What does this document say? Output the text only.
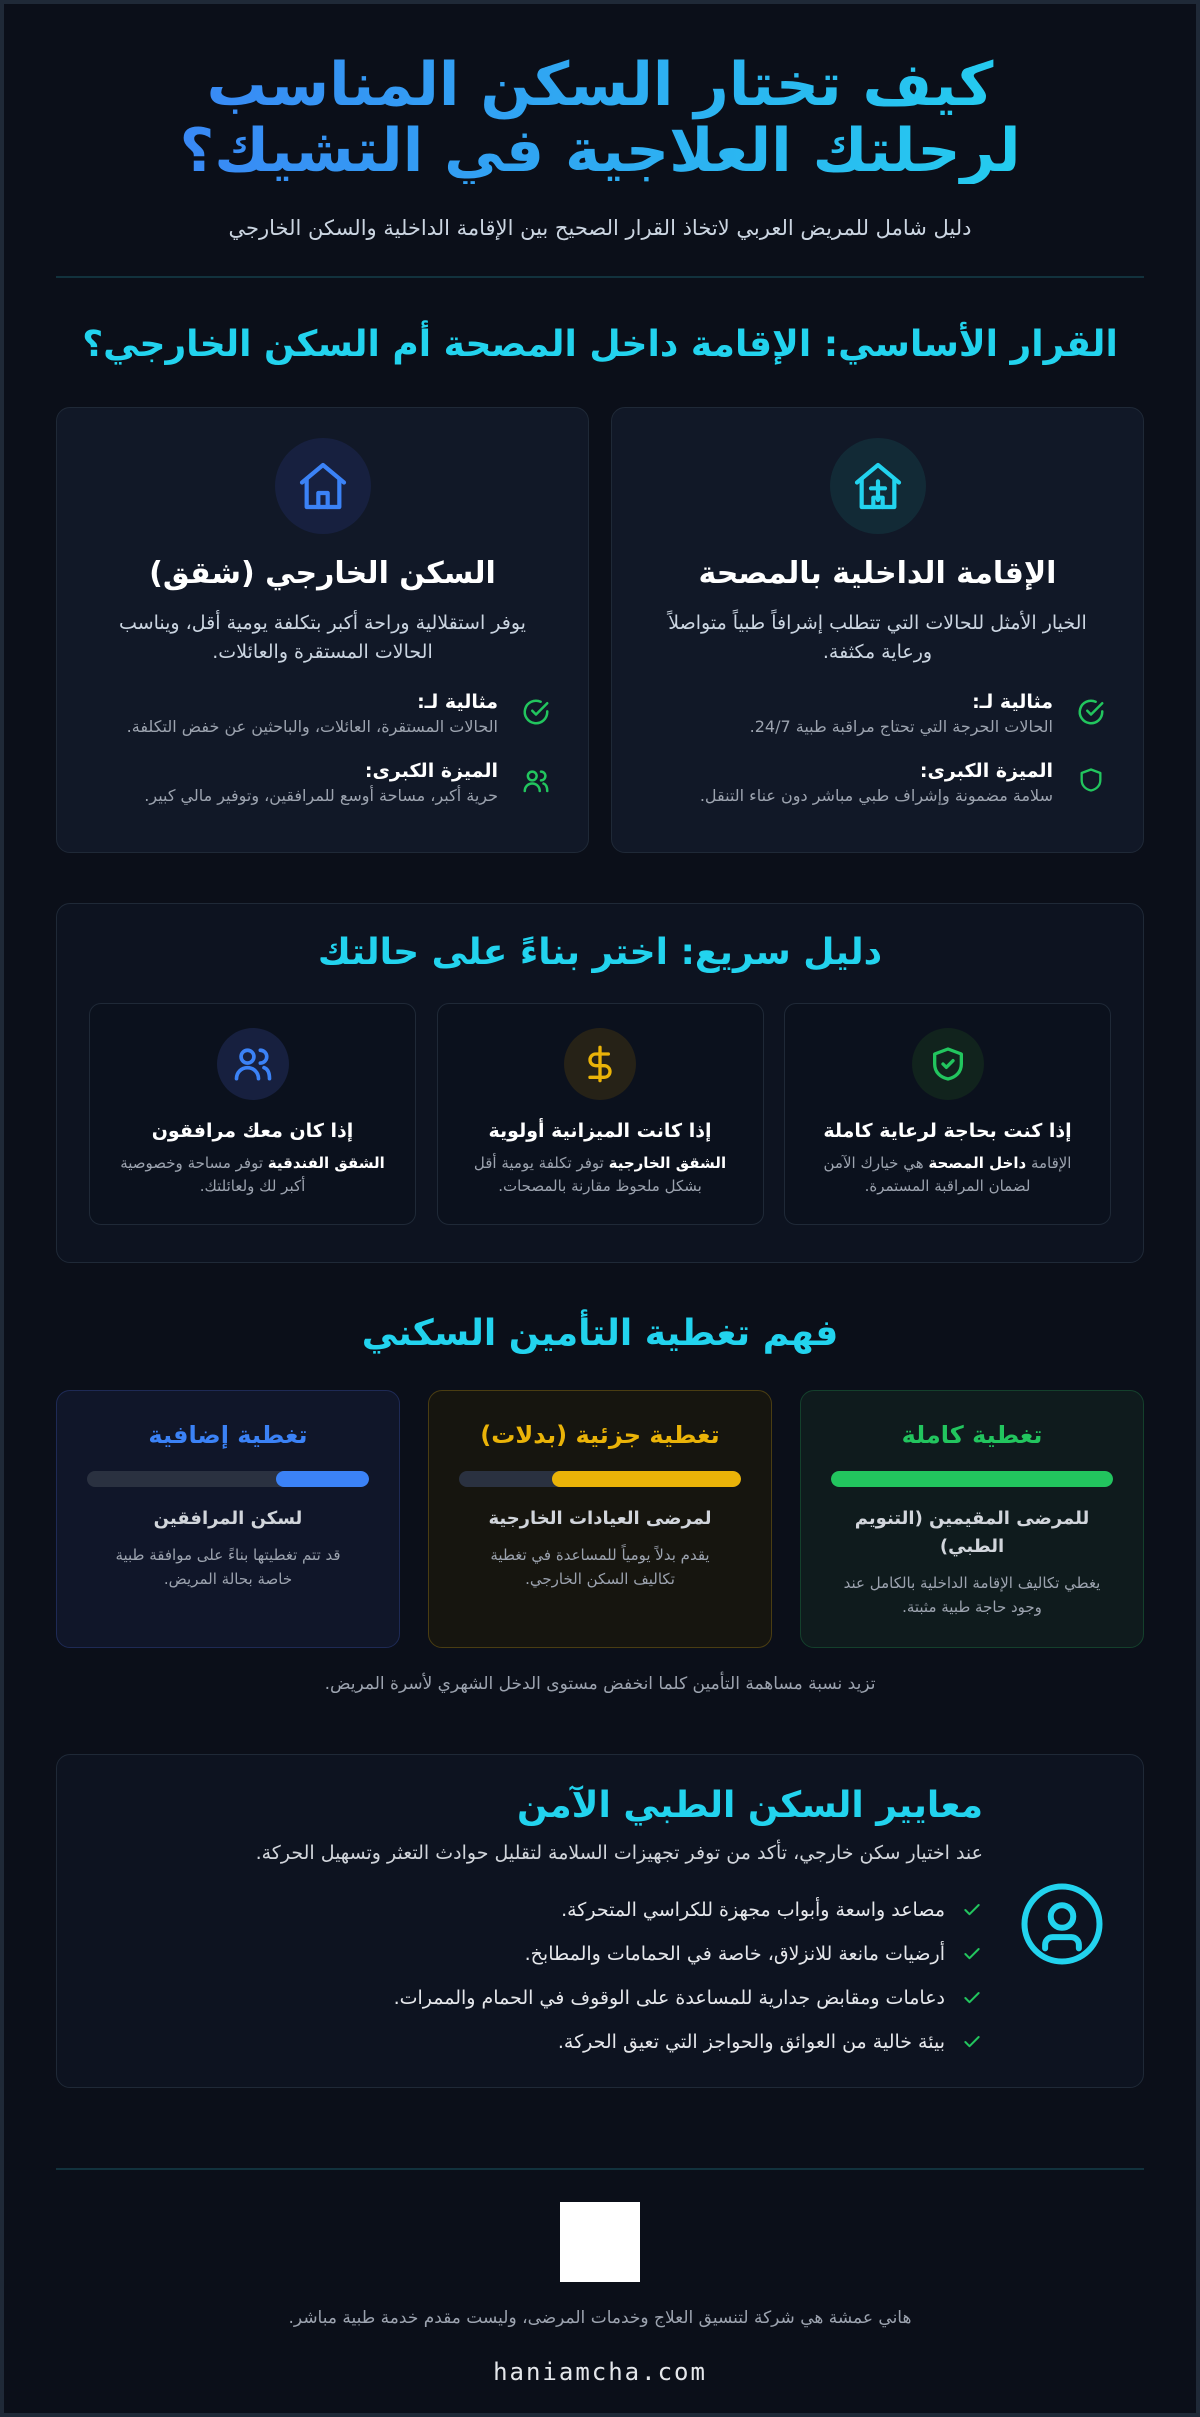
كيف تختار السكن المناسب لرحلتك العلاجية في التشيك؟

دليل شامل للمريض العربي لاتخاذ القرار الصحيح بين الإقامة الداخلية والسكن الخارجي

القرار الأساسي: الإقامة داخل المصحة أم السكن الخارجي؟
الإقامة الداخلية بالمصحة

الخيار الأمثل للحالات التي تتطلب إشرافاً طبياً متواصلاً ورعاية مكثفة.

مثالية لـ:
الحالات الحرجة التي تحتاج مراقبة طبية 24/7.
الميزة الكبرى:
سلامة مضمونة وإشراف طبي مباشر دون عناء التنقل.
السكن الخارجي (شقق)

يوفر استقلالية وراحة أكبر بتكلفة يومية أقل، ويناسب الحالات المستقرة والعائلات.

مثالية لـ:
الحالات المستقرة، العائلات، والباحثين عن خفض التكلفة.
الميزة الكبرى:
حرية أكبر، مساحة أوسع للمرافقين، وتوفير مالي كبير.
دليل سريع: اختر بناءً على حالتك
إذا كنت بحاجة لرعاية كاملة

الإقامة داخل المصحة هي خيارك الآمن لضمان المراقبة المستمرة.

إذا كانت الميزانية أولوية

الشقق الخارجية توفر تكلفة يومية أقل بشكل ملحوظ مقارنة بالمصحات.

إذا كان معك مرافقون

الشقق الفندقية توفر مساحة وخصوصية أكبر لك ولعائلتك.

فهم تغطية التأمين السكني
تغطية كاملة
للمرضى المقيمين (التنويم الطبي)

يغطي تكاليف الإقامة الداخلية بالكامل عند وجود حاجة طبية مثبتة.

تغطية جزئية (بدلات)
لمرضى العيادات الخارجية

يقدم بدلاً يومياً للمساعدة في تغطية تكاليف السكن الخارجي.

تغطية إضافية
لسكن المرافقين

قد تتم تغطيتها بناءً على موافقة طبية خاصة بحالة المريض.

تزيد نسبة مساهمة التأمين كلما انخفض مستوى الدخل الشهري لأسرة المريض.

معايير السكن الطبي الآمن

عند اختيار سكن خارجي، تأكد من توفر تجهيزات السلامة لتقليل حوادث التعثر وتسهيل الحركة.

مصاعد واسعة وأبواب مجهزة للكراسي المتحركة.
أرضيات مانعة للانزلاق، خاصة في الحمامات والمطابخ.
دعامات ومقابض جدارية للمساعدة على الوقوف في الحمام والممرات.
بيئة خالية من العوائق والحواجز التي تعيق الحركة.

هاني عمشة هي شركة لتنسيق العلاج وخدمات المرضى، وليست مقدم خدمة طبية مباشر.

haniamcha.com
